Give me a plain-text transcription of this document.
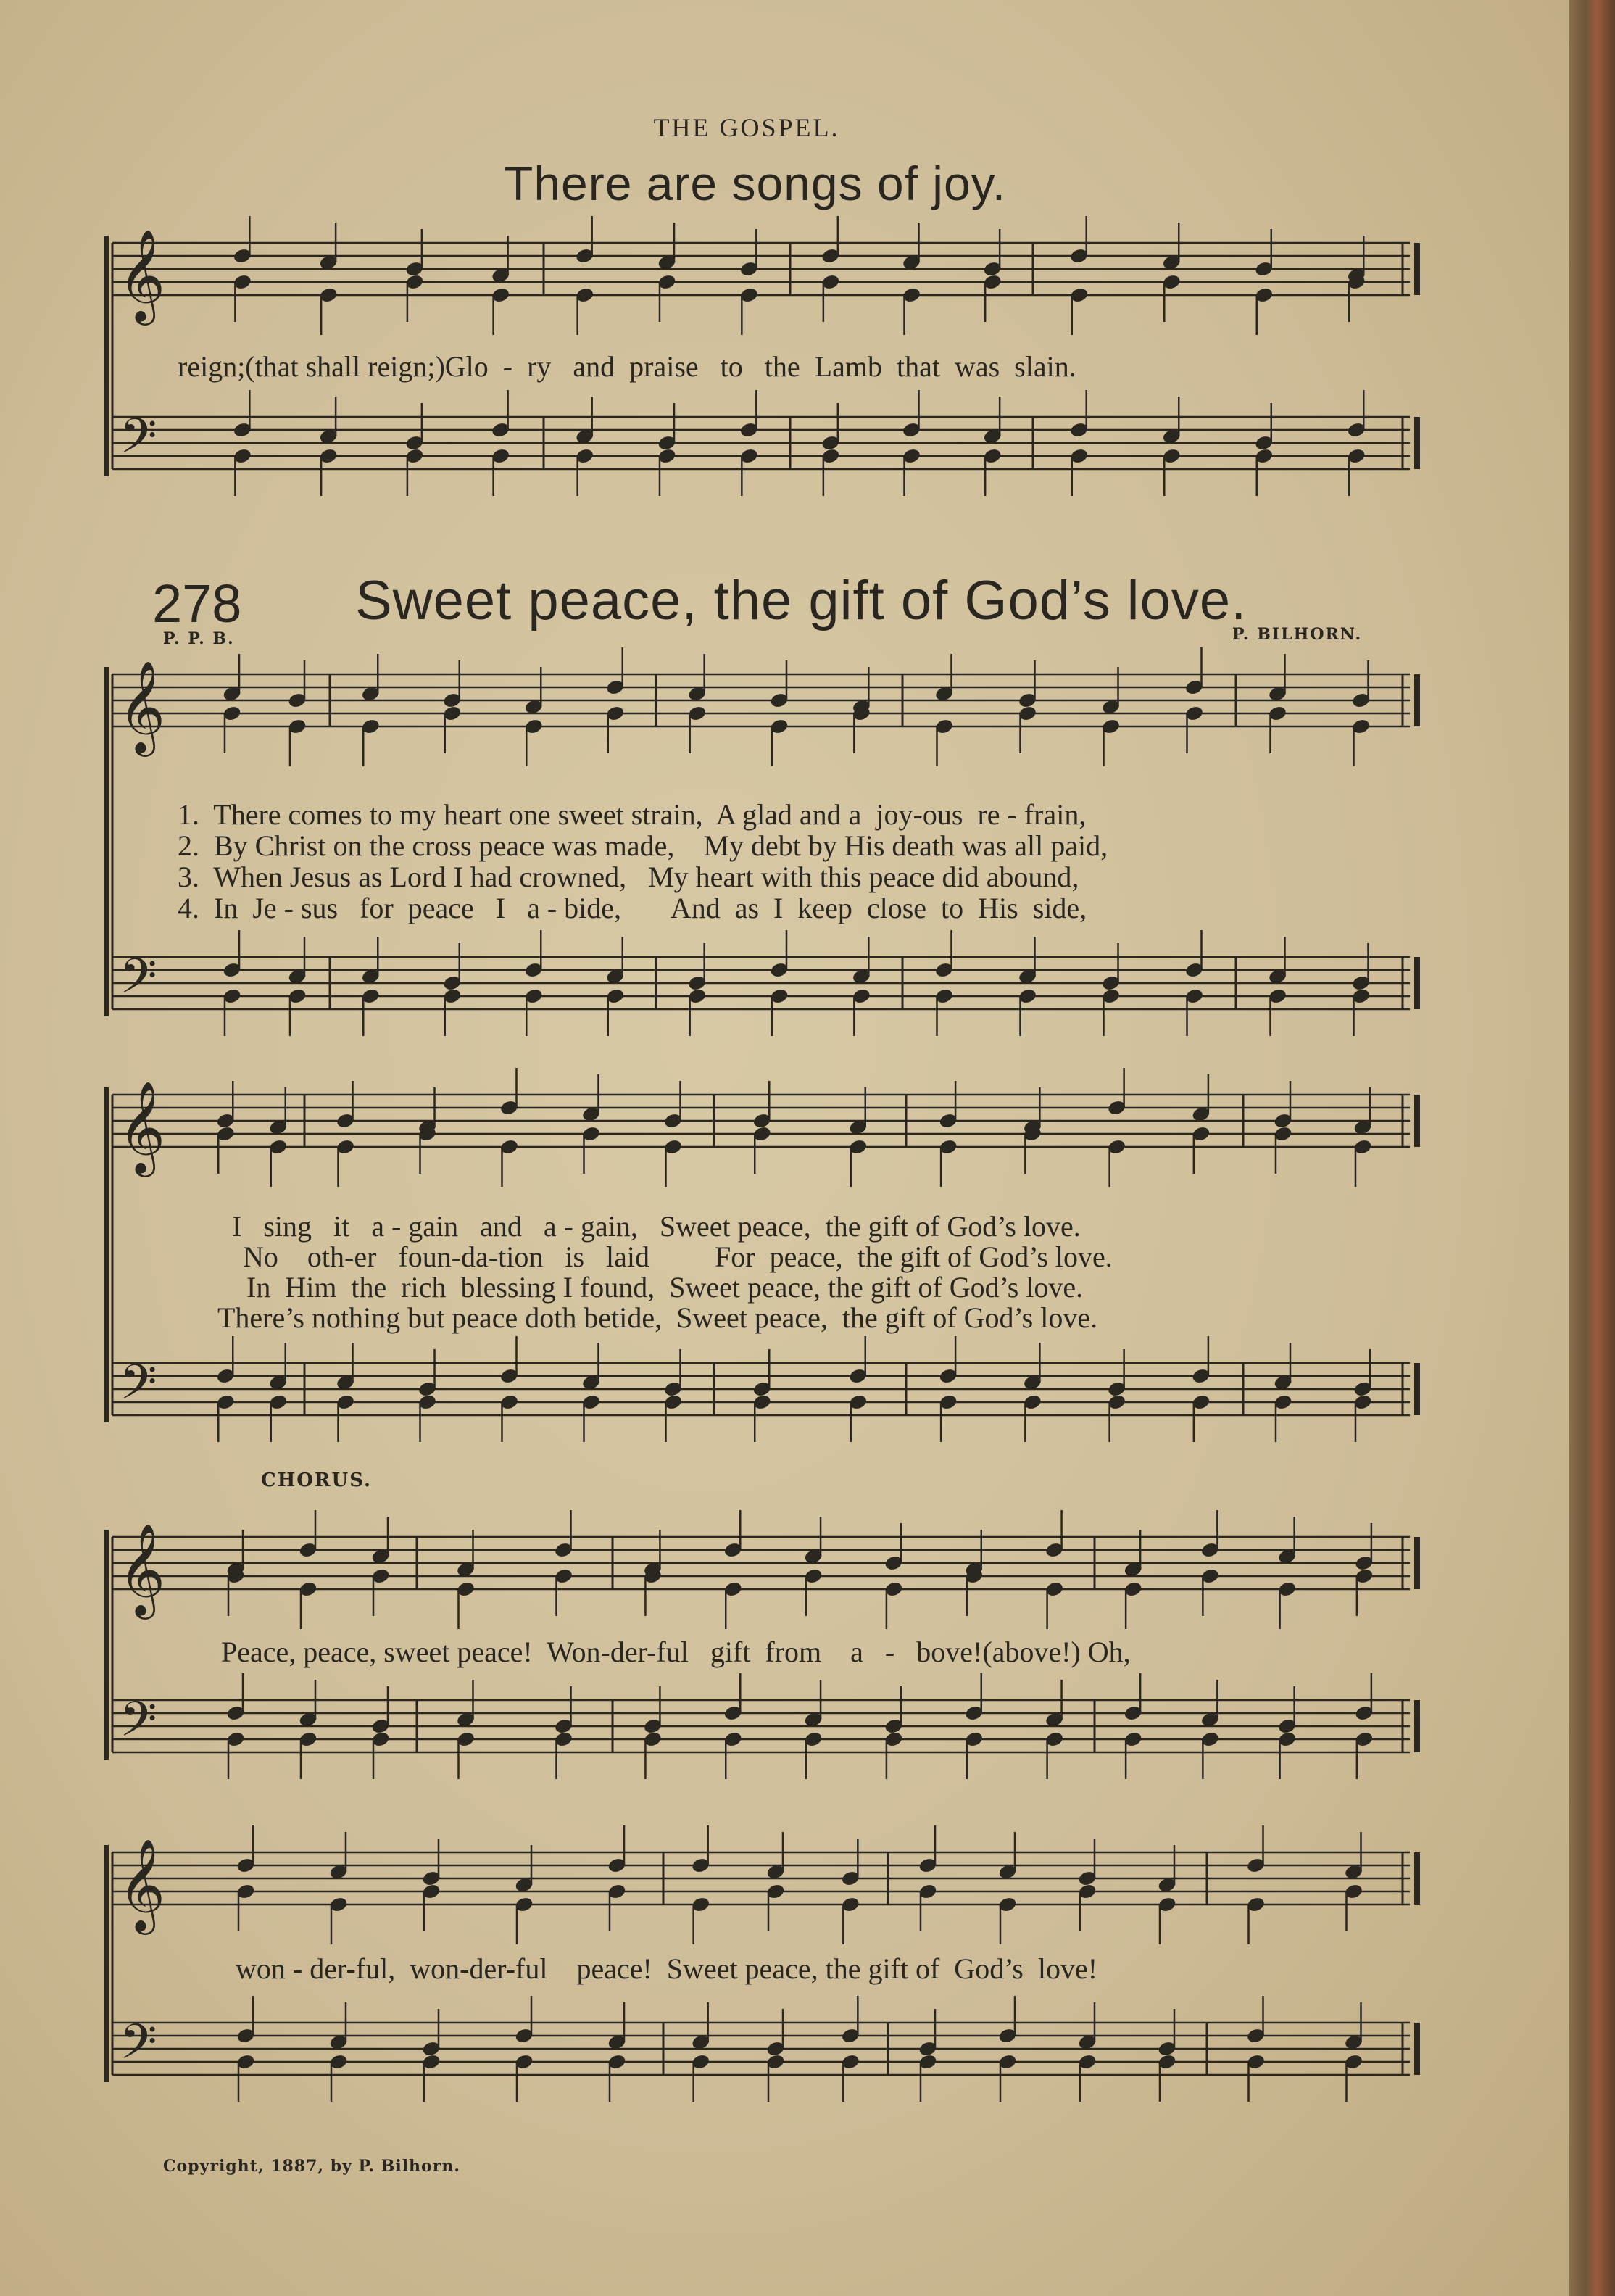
THE GOSPEL.
There are songs of joy.
𝄞
𝄢
𝄞
𝄢
𝄞
𝄢
𝄞
𝄢
𝄞
𝄢
reign;(that shall reign;)Glo  -  ry   and  praise   to   the  Lamb  that  was  slain.
278 Sweet peace, the gift of God’s love.
P. P. B.	P. BILHORN.
1.  There comes to my heart one sweet strain,  A glad and a  joy-ous  re - frain,
2.  By Christ on the cross peace was made,    My debt by His death was all paid,
3.  When Jesus as Lord I had crowned,   My heart with this peace did abound,
4.  In  Je - sus   for  peace   I   a - bide,       And  as  I  keep  close  to  His  side,
I   sing   it   a - gain   and   a - gain,   Sweet peace,  the gift of God’s love.
No    oth-er   foun-da-tion   is   laid         For  peace,  the gift of God’s love.
In  Him  the  rich  blessing I found,  Sweet peace, the gift of God’s love.
There’s nothing but peace doth betide,  Sweet peace,  the gift of God’s love.
CHORUS.
Peace, peace, sweet peace!  Won-der-ful   gift  from    a   -   bove!(above!) Oh,
won - der-ful,  won-der-ful    peace!  Sweet peace, the gift of  God’s  love!
Copyright, 1887, by P. Bilhorn.
